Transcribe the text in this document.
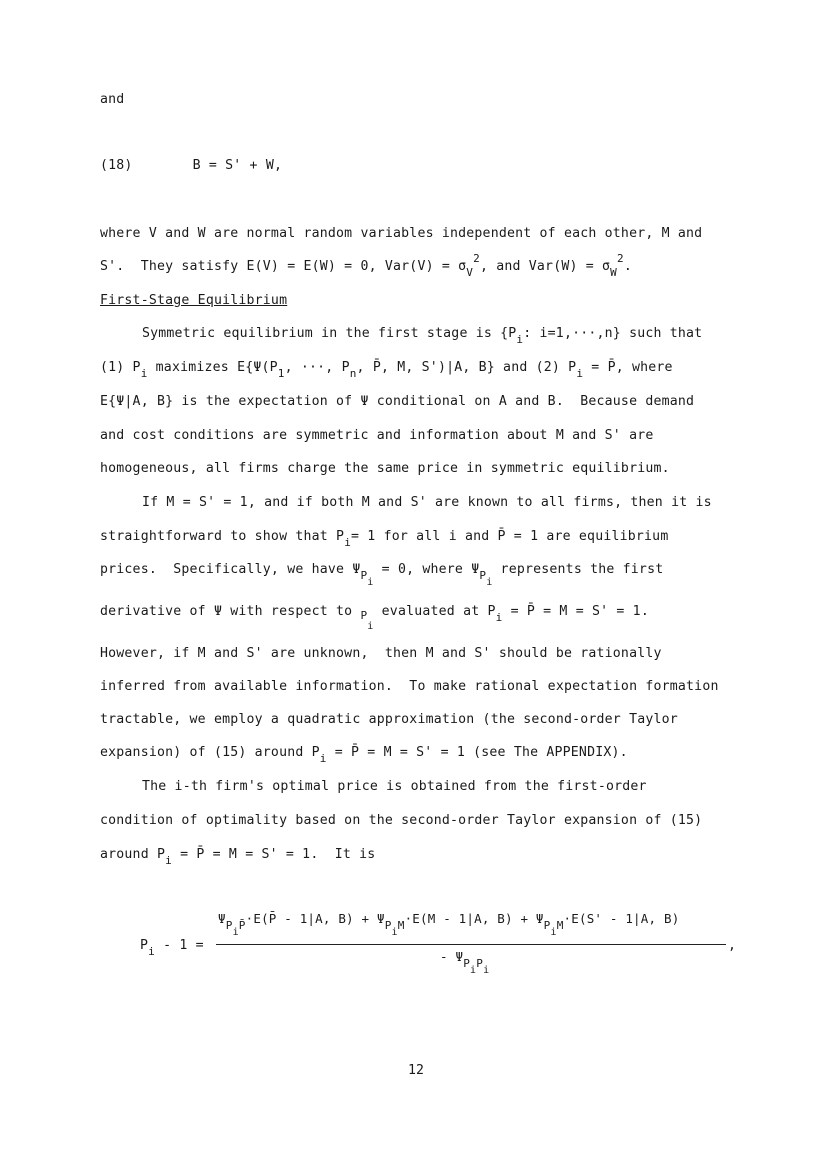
and
(18)	B = S' + W,
where V and W are normal random variables independent of each other, M and
S'.  They satisfy E(V) = E(W) = 0, $Var(V) = \sigma_V^2$, and $Var(W) = \sigma_W^2$.
First-Stage Equilibrium
Symmetric equilibrium in the first stage is {$P_i$: i=1,···,n} such that
(1) $P_i$ maximizes $E\{\Psi(P_1$, ···, $P_n$, P̄, M, S')|A, B} and (2) $P_i$ = P̄, where
E{Ψ|A, B} is the expectation of Ψ conditional on A and B.  Because demand
and cost conditions are symmetric and information about M and S' are
homogeneous, all firms charge the same price in symmetric equilibrium.
If M = S' = 1, and if both M and S' are known to all firms, then it is
straightforward to show that $P_i= 1$ for all i and P̄ = 1 are equilibrium
prices.  Specifically, we have $\Psi_{Pi} = 0$, where $\Psi_{Pi}$ represents the first
derivative of Ψ with respect to $_{Pi}$ evaluated at $P_i$ = P̄ = M = S' = 1.
However, if M and S' are unknown,  then M and S' should be rationally
inferred from available information.  To make rational expectation formation
tractable, we employ a quadratic approximation (the second-order Taylor
expansion) of (15) around $P_i$ = P̄ = M = S' = 1 (see The APPENDIX).
The i-th firm's optimal price is obtained from the first-order
condition of optimality based on the second-order Taylor expansion of (15)
around $P_i$ = P̄ = M = S' = 1.  It is
$P_i - 1$ =
$\Psi P_iP̄\cdot E(P̄ - 1|A$, $B) + \Psi P_iM\cdot E(M - 1|A$, $B) + \Psi P_iM\cdot E(S' - 1|A$, B)
,
- $\Psi P_iP_i$
12
